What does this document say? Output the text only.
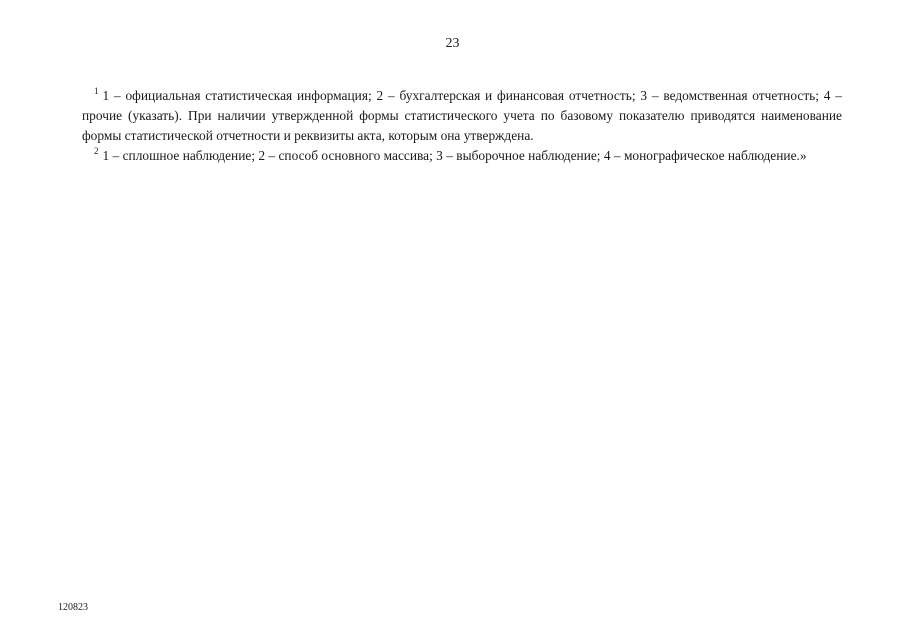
23

$^1$ 1 – официальная статистическая информация; 2 – бухгалтерская и финансовая отчетность; 3 – ведомственная отчетность; 4 – прочие (указать). При наличии утвержденной формы статистического учета по базовому показателю приводятся наименование формы статистической отчетности и реквизиты акта, которым она утверждена.

$^2$ 1 – сплошное наблюдение; 2 – способ основного массива; 3 – выборочное наблюдение; 4 – монографическое наблюдение.»

120823
